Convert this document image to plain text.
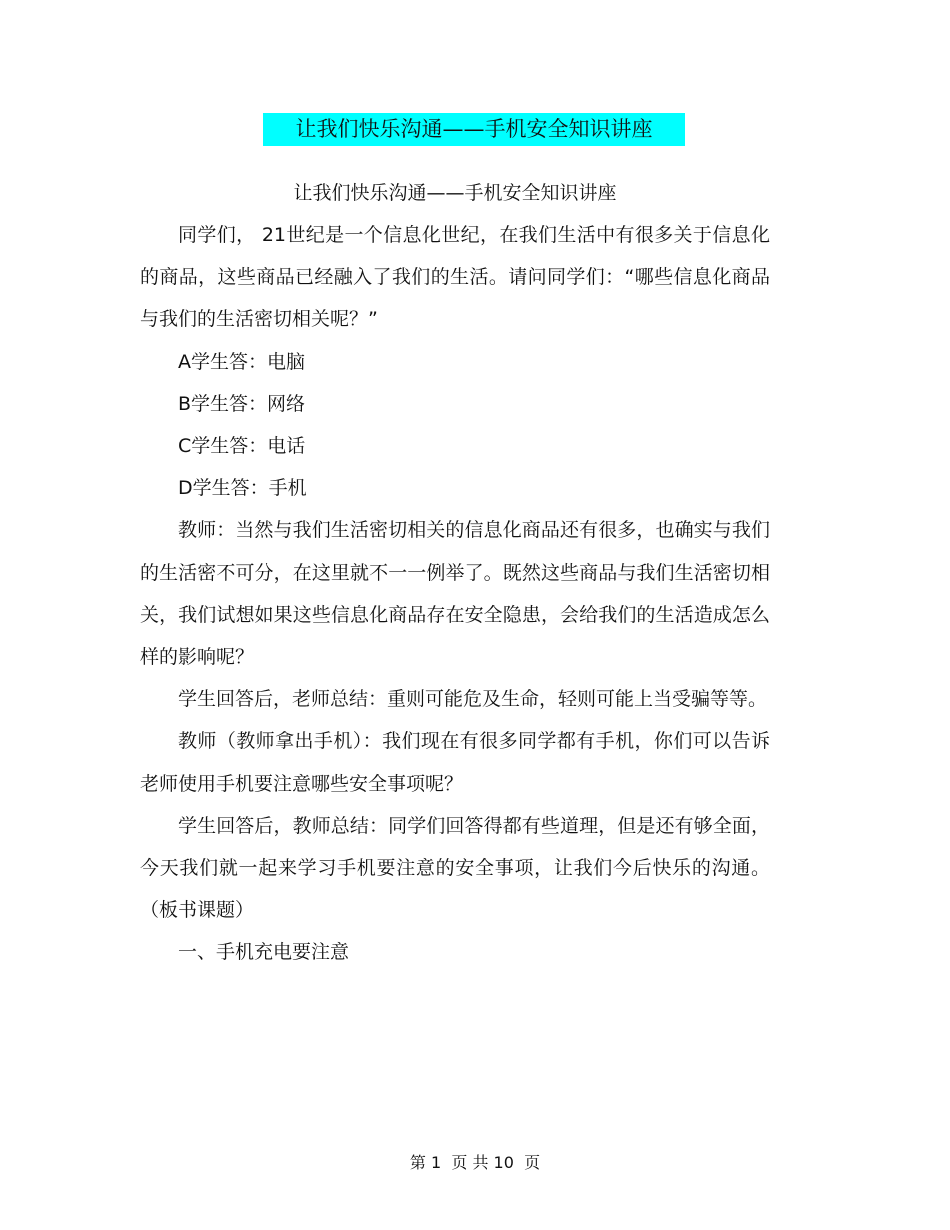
让我们快乐沟通——手机安全知识讲座
让我们快乐沟通——手机安全知识讲座

同学们， 21世纪是一个信息化世纪，在我们生活中有很多关于信息化的商品，这些商品已经融入了我们的生活。请问同学们：“哪些信息化商品与我们的生活密切相关呢？”

A学生答：电脑

B学生答：网络

C学生答：电话

D学生答：手机

教师：当然与我们生活密切相关的信息化商品还有很多，也确实与我们的生活密不可分，在这里就不一一例举了。既然这些商品与我们生活密切相关，我们试想如果这些信息化商品存在安全隐患，会给我们的生活造成怎么样的影响呢？

学生回答后，老师总结：重则可能危及生命，轻则可能上当受骗等等。

教师（教师拿出手机）：我们现在有很多同学都有手机，你们可以告诉老师使用手机要注意哪些安全事项呢？

学生回答后，教师总结：同学们回答得都有些道理，但是还有够全面，今天我们就一起来学习手机要注意的安全事项，让我们今后快乐的沟通。（板书课题）

一、手机充电要注意

第 1  页 共 10  页
